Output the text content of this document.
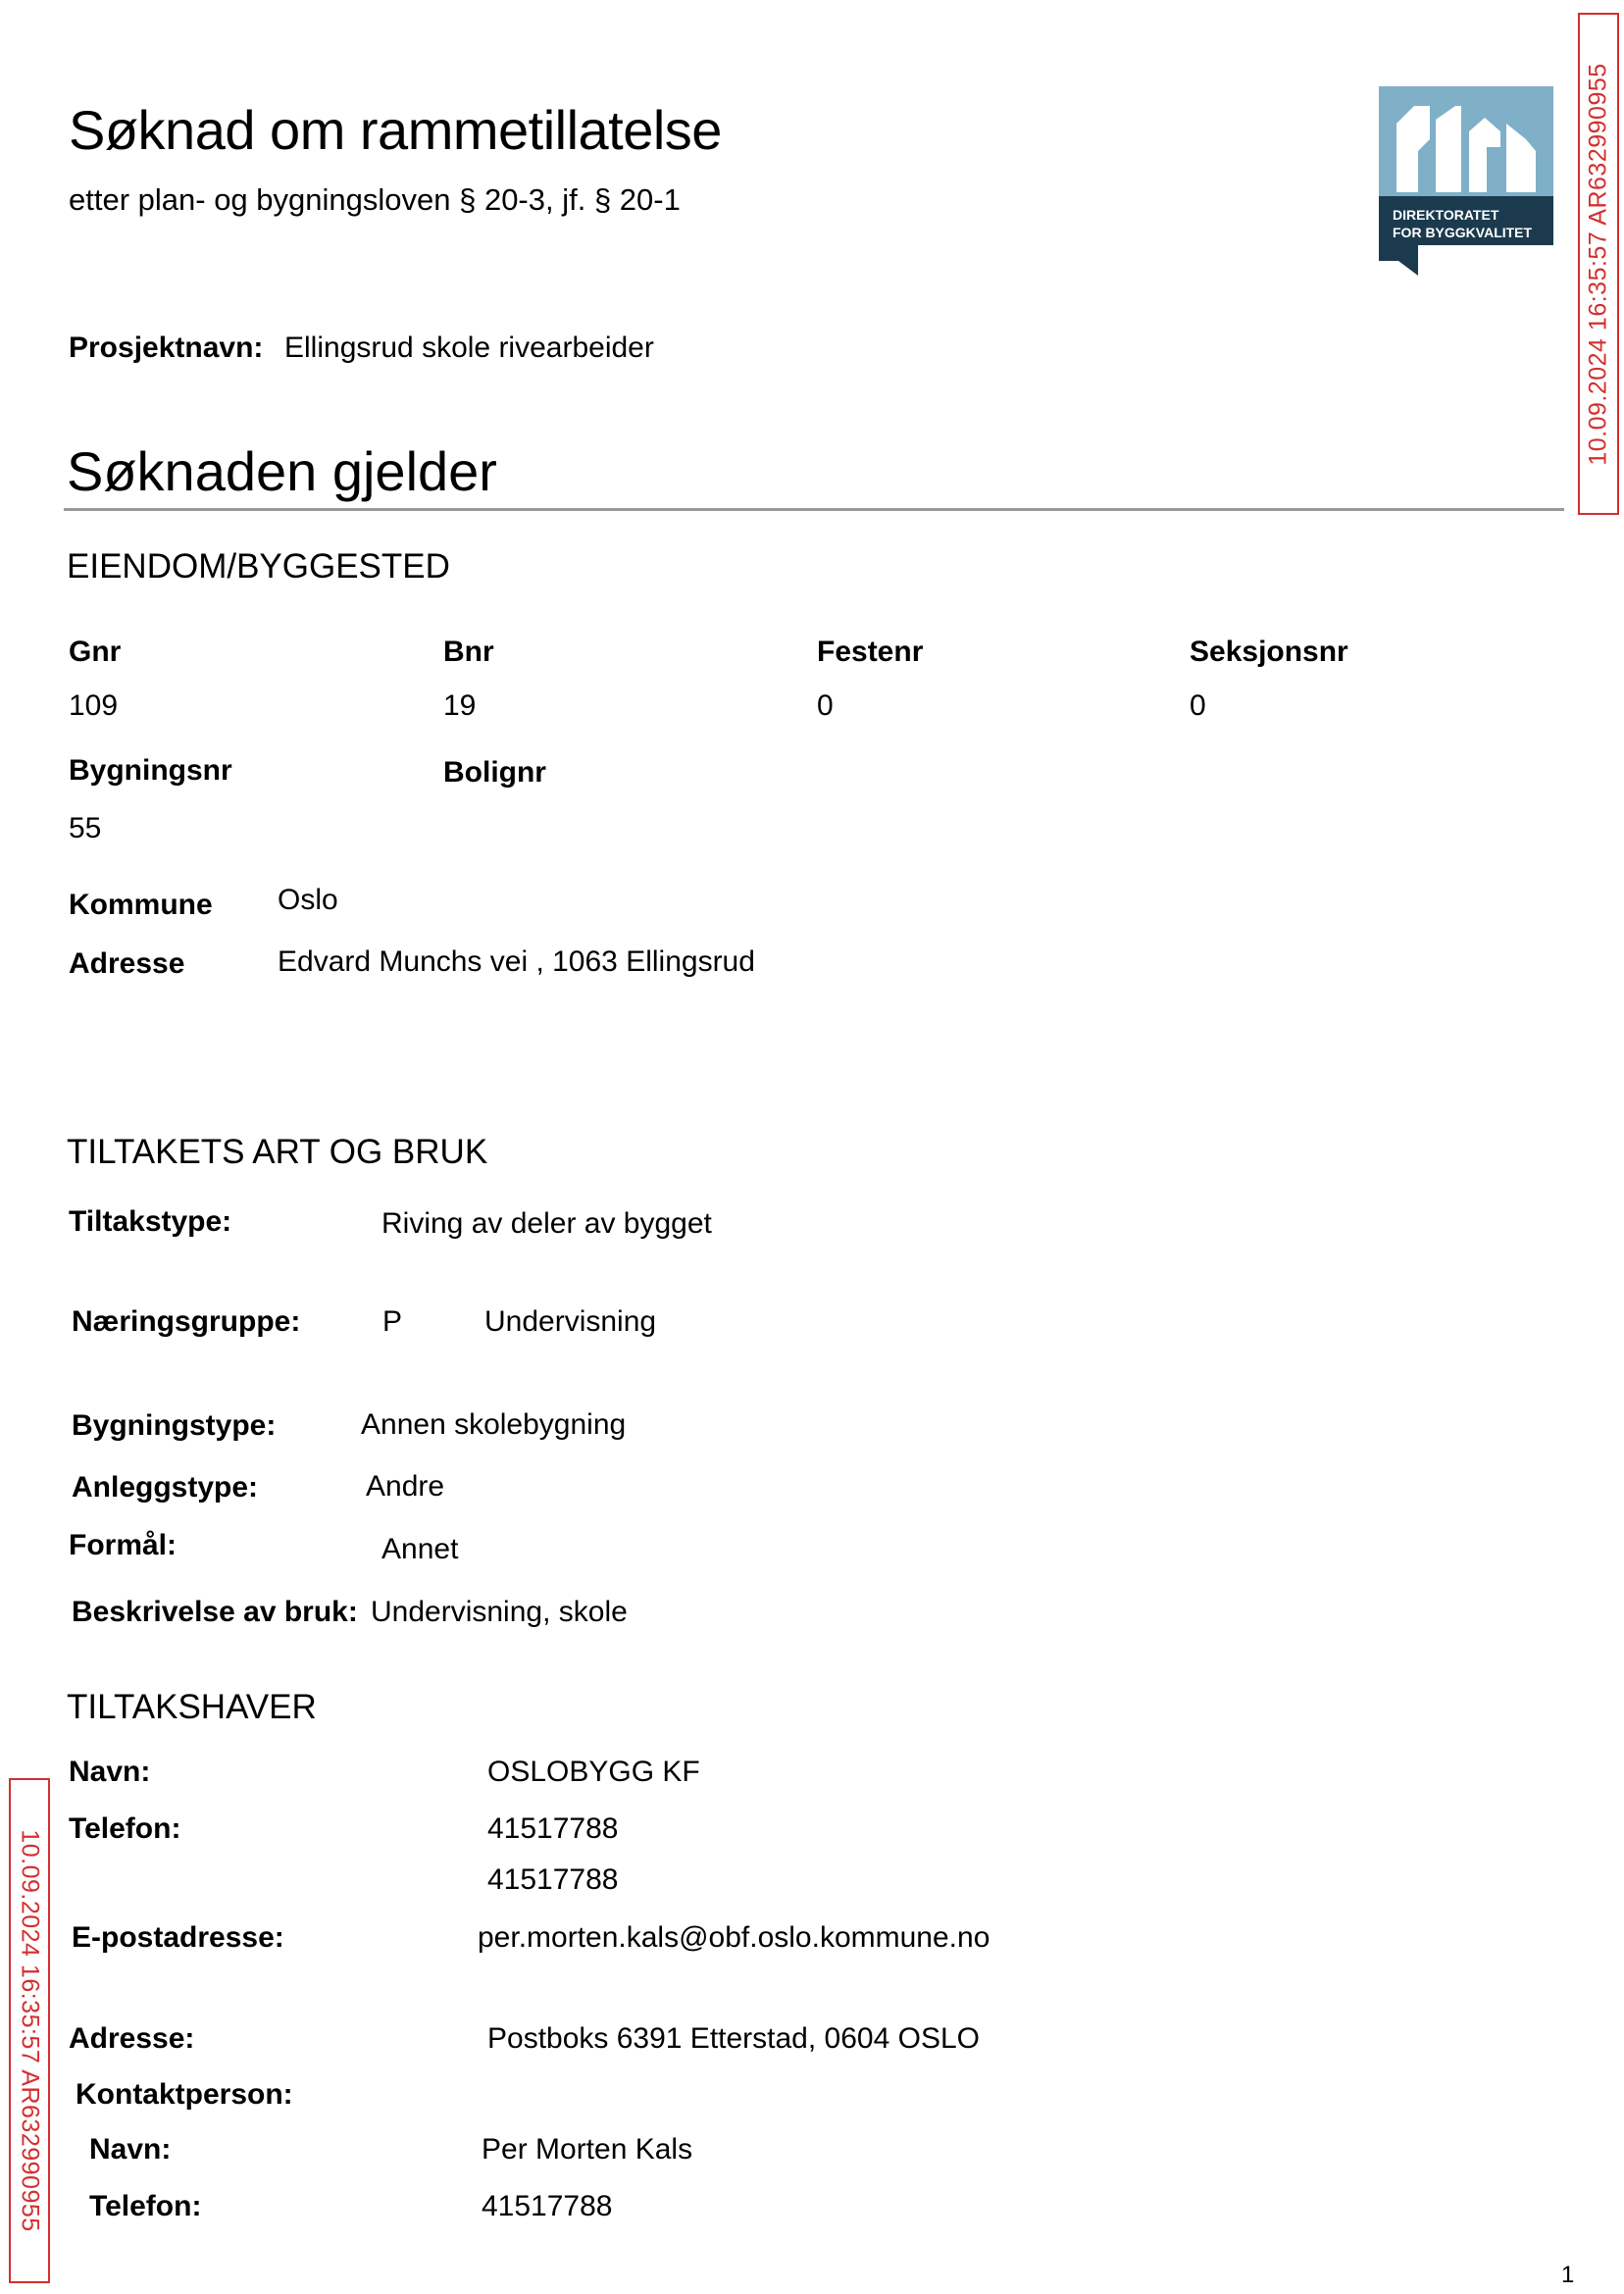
Søknad om rammetillatelse
etter plan- og bygningsloven § 20-3, jf. § 20-1	DIREKTORATET
FOR BYGGKVALITET 10.09.2024 16:35:57 AR632990955
10.09.2024 16:35:57 AR632990955
Prosjektnavn: Ellingsrud skole rivearbeider
Søknaden gjelder
EIENDOM/BYGGESTED
Gnr
109
Bnr
19
Festenr
0
Seksjonsnr
0
Bygningsnr
55
Bolignr
Kommune Oslo
Adresse	Edvard Munchs vei , 1063 Ellingsrud
TILTAKETS ART OG BRUK
Tiltakstype:	Riving av deler av bygget
Næringsgruppe:	P	Undervisning
Bygningstype:	Annen skolebygning
Anleggstype:	Andre
Formål:	Annet
Beskrivelse av bruk: Undervisning, skole
TILTAKSHAVER
Navn:	OSLOBYGG KF
Telefon:	41517788
41517788
E-postadresse:	per.morten.kals@obf.oslo.kommune.no
Adresse:	Postboks 6391 Etterstad, 0604 OSLO
Kontaktperson:
Navn:	Per Morten Kals
Telefon:	41517788
1
